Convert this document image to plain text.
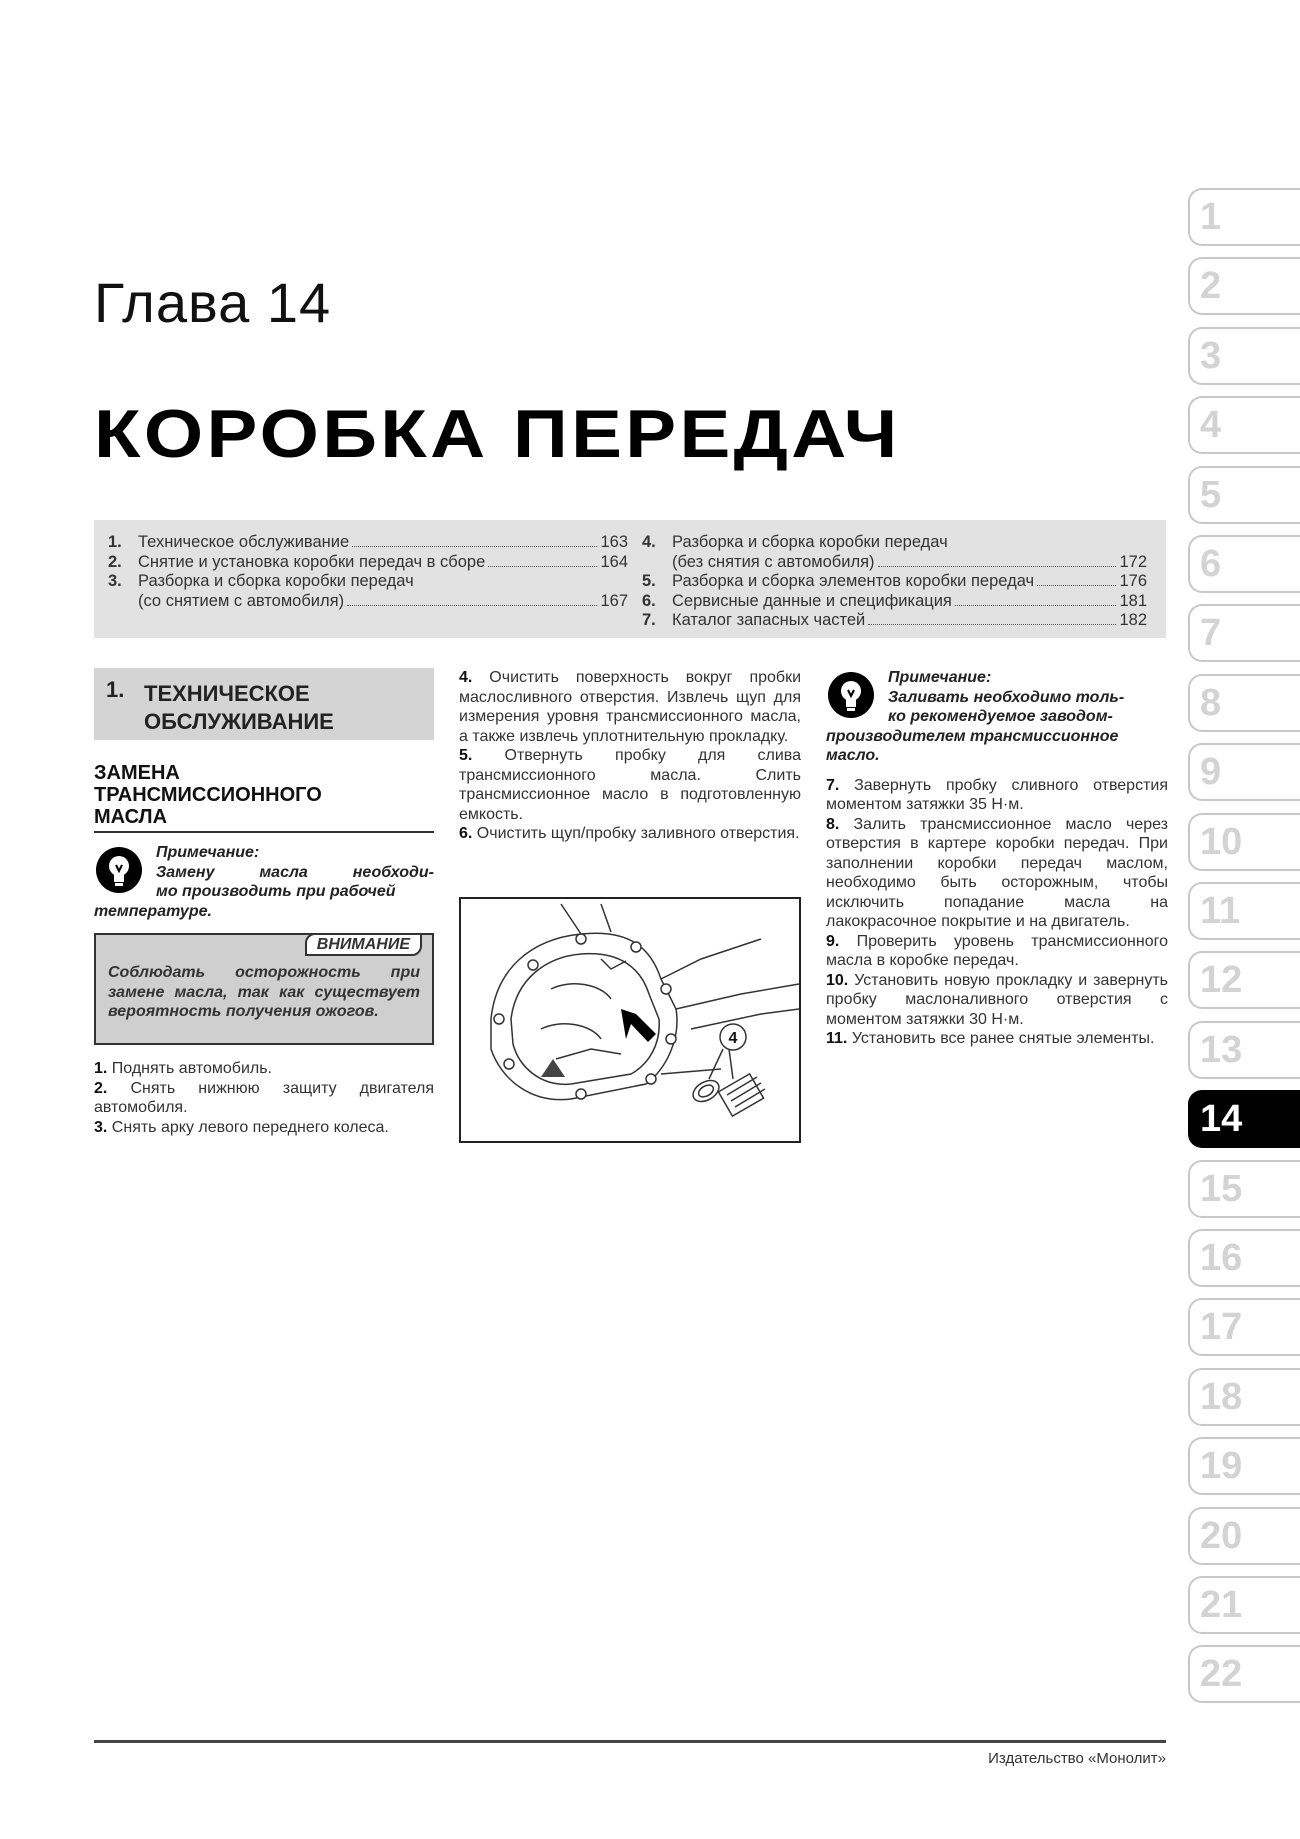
Глава 14
КОРОБКА ПЕРЕДАЧ
1. Техническое обслуживание	163
2. Снятие и установка коробки передач в сборе	164
3. Разборка и сборка коробки передач
(со снятием с автомобиля)	167
4. Разборка и сборка коробки передач
(без снятия с автомобиля)	172
5. Разборка и сборка элементов коробки передач	176
6. Сервисные данные и спецификация	181
7. Каталог запасных частей	182
1. ТЕХНИЧЕСКОЕ
ОБСЛУЖИВАНИЕ
ЗАМЕНА
ТРАНСМИССИОННОГО
МАСЛА
Примечание:
Замену масла необходи-
мо производить при рабочей
температуре.
ВНИМАНИЕ
Соблюдать осторожность при замене масла, так как существует вероятность получения ожогов.
1. Поднять автомобиль.
2. Снять нижнюю защиту двигателя автомобиля.
3. Снять арку левого переднего колеса.
4. Очистить поверхность вокруг пробки маслосливного отверстия. Извлечь щуп для измерения уровня трансмиссионного масла, а также извлечь уплотнительную прокладку.
5. Отвернуть пробку для слива трансмиссионного масла. Слить трансмиссионное масло в подготовленную емкость.
6. Очистить щуп/пробку заливного отверстия.
4
Примечание:
Заливать необходимо толь-
ко рекомендуемое заводом-
производителем трансмиссионное масло.
7. Завернуть пробку сливного отверстия моментом затяжки 35 Н·м.
8. Залить трансмиссионное масло через отверстия в картере коробки передач. При заполнении коробки передач маслом, необходимо быть осторожным, чтобы исключить попадание масла на лакокрасочное покрытие и на двигатель.
9. Проверить уровень трансмиссионного масла в коробке передач.
10. Установить новую прокладку и завернуть пробку маслоналивного отверстия с моментом затяжки 30 Н·м.
11. Установить все ранее снятые элементы.
1
2
3
4
5
6
7
8
9
10
11
12
13
14
15
16
17
18
19
20
21
22
Издательство «Монолит»
